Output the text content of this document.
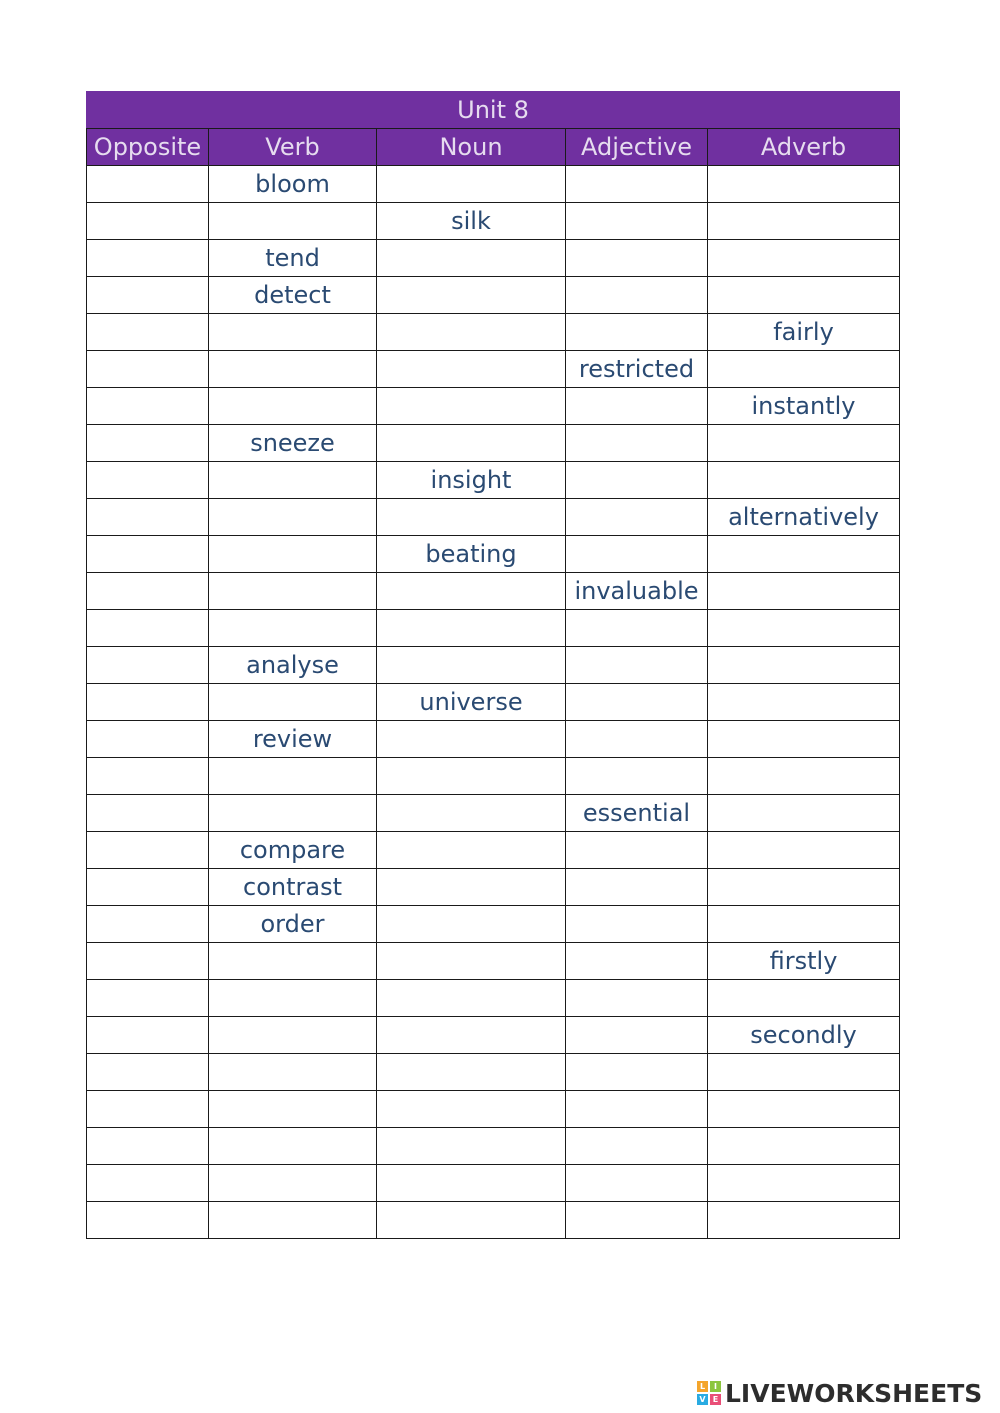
Unit 8				
Opposite	Verb	Noun	Adjective	Adverb
	bloom			
		silk		
	tend			
	detect			
				fairly
			restricted	
				instantly
	sneeze			
		insight		
				alternatively
		beating		
			invaluable	

	analyse			
		universe		
	review			

			essential	
	compare			
	contrast			
	order			
				firstly

				secondly

L	I
V E LIVEWORKSHEETS
